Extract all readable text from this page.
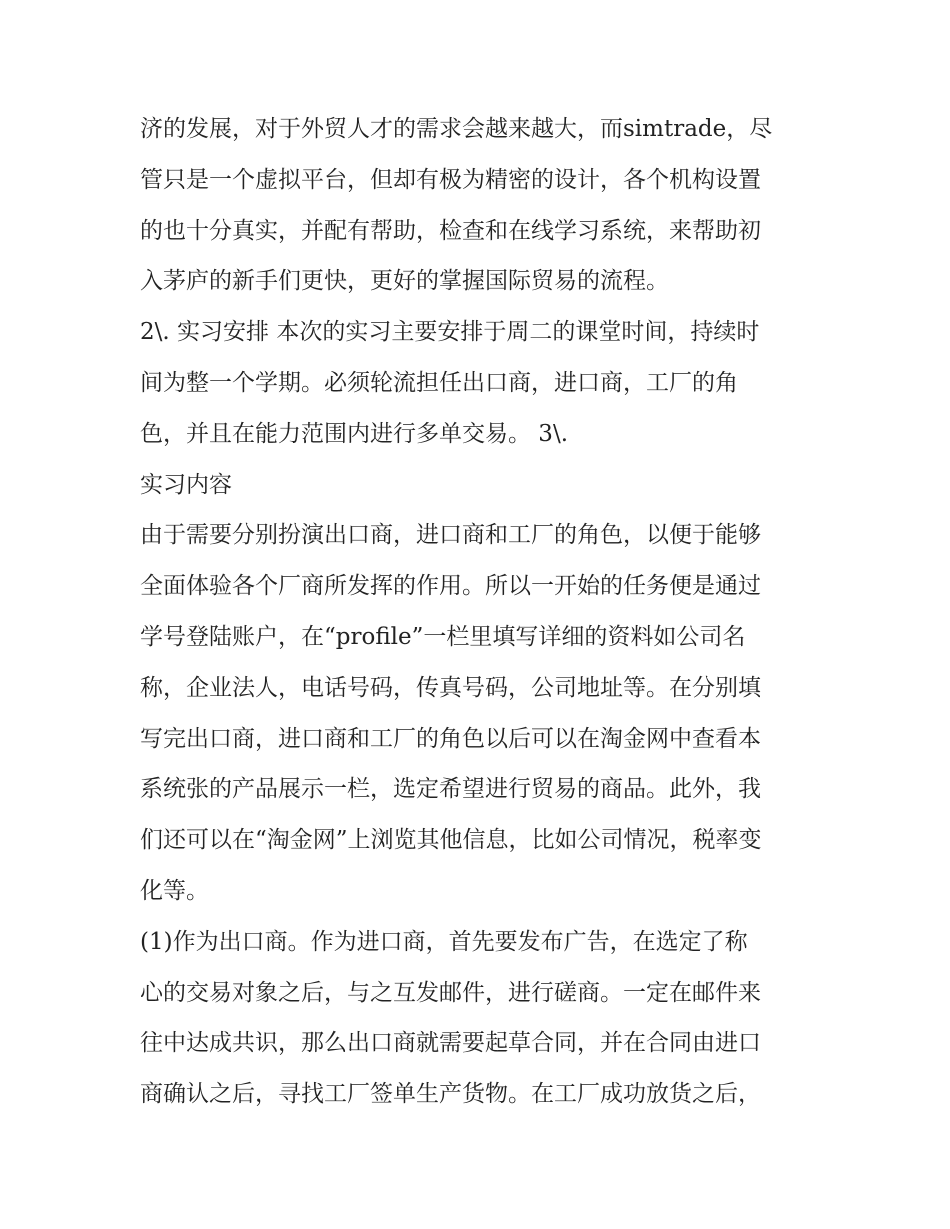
济的发展，对于外贸人才的需求会越来越大，而simtrade，尽
管只是一个虚拟平台，但却有极为精密的设计，各个机构设置
的也十分真实，并配有帮助，检查和在线学习系统，来帮助初
入茅庐的新手们更快，更好的掌握国际贸易的流程。
2\. 实习安排 本次的实习主要安排于周二的课堂时间，持续时
间为整一个学期。必须轮流担任出口商，进口商，工厂的角
色，并且在能力范围内进行多单交易。 3\.
实习内容
由于需要分别扮演出口商，进口商和工厂的角色，以便于能够
全面体验各个厂商所发挥的作用。所以一开始的任务便是通过
学号登陆账户，在“profile”一栏里填写详细的资料如公司名
称，企业法人，电话号码，传真号码，公司地址等。在分别填
写完出口商，进口商和工厂的角色以后可以在淘金网中查看本
系统张的产品展示一栏，选定希望进行贸易的商品。此外，我
们还可以在“淘金网”上浏览其他信息，比如公司情况，税率变
化等。
(1)作为出口商。作为进口商，首先要发布广告，在选定了称
心的交易对象之后，与之互发邮件，进行磋商。一定在邮件来
往中达成共识，那么出口商就需要起草合同，并在合同由进口
商确认之后，寻找工厂签单生产货物。在工厂成功放货之后，
